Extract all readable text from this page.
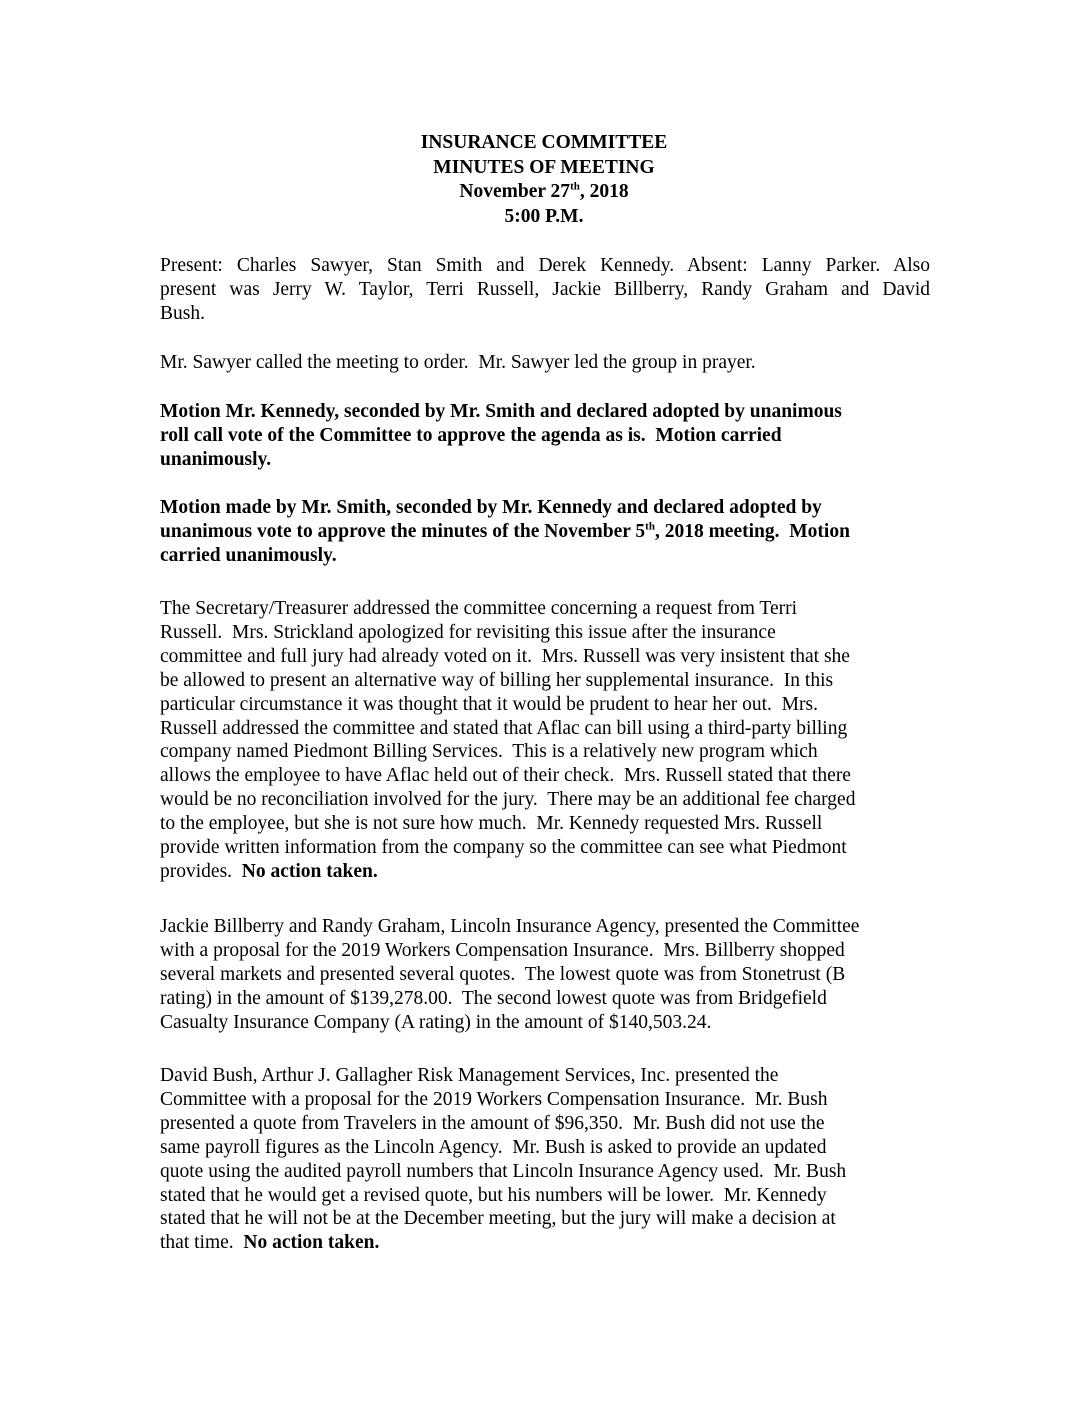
INSURANCE COMMITTEE
MINUTES OF MEETING
November 27th, 2018
5:00 P.M.
Present: Charles Sawyer, Stan Smith and Derek Kennedy. Absent: Lanny Parker. Also
present was Jerry W. Taylor, Terri Russell, Jackie Billberry, Randy Graham and David
Bush.
Mr. Sawyer called the meeting to order.  Mr. Sawyer led the group in prayer.
Motion Mr. Kennedy, seconded by Mr. Smith and declared adopted by unanimous
roll call vote of the Committee to approve the agenda as is.  Motion carried
unanimously.
Motion made by Mr. Smith, seconded by Mr. Kennedy and declared adopted by
unanimous vote to approve the minutes of the November 5th, 2018 meeting.  Motion
carried unanimously.
The Secretary/Treasurer addressed the committee concerning a request from Terri
Russell.  Mrs. Strickland apologized for revisiting this issue after the insurance
committee and full jury had already voted on it.  Mrs. Russell was very insistent that she
be allowed to present an alternative way of billing her supplemental insurance.  In this
particular circumstance it was thought that it would be prudent to hear her out.  Mrs.
Russell addressed the committee and stated that Aflac can bill using a third-party billing
company named Piedmont Billing Services.  This is a relatively new program which
allows the employee to have Aflac held out of their check.  Mrs. Russell stated that there
would be no reconciliation involved for the jury.  There may be an additional fee charged
to the employee, but she is not sure how much.  Mr. Kennedy requested Mrs. Russell
provide written information from the company so the committee can see what Piedmont
provides.  No action taken.
Jackie Billberry and Randy Graham, Lincoln Insurance Agency, presented the Committee
with a proposal for the 2019 Workers Compensation Insurance.  Mrs. Billberry shopped
several markets and presented several quotes.  The lowest quote was from Stonetrust (B
rating) in the amount of $139,278.00.  The second lowest quote was from Bridgefield
Casualty Insurance Company (A rating) in the amount of $140,503.24.
David Bush, Arthur J. Gallagher Risk Management Services, Inc. presented the
Committee with a proposal for the 2019 Workers Compensation Insurance.  Mr. Bush
presented a quote from Travelers in the amount of $96,350.  Mr. Bush did not use the
same payroll figures as the Lincoln Agency.  Mr. Bush is asked to provide an updated
quote using the audited payroll numbers that Lincoln Insurance Agency used.  Mr. Bush
stated that he would get a revised quote, but his numbers will be lower.  Mr. Kennedy
stated that he will not be at the December meeting, but the jury will make a decision at
that time.  No action taken.
